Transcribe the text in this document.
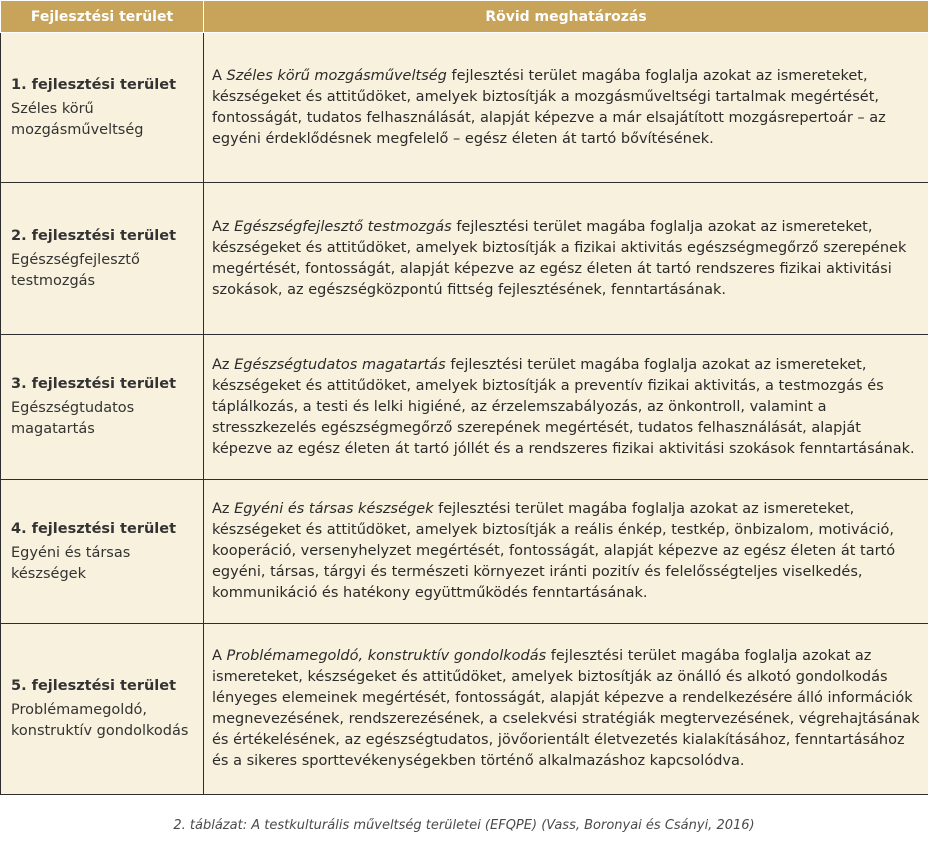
Fejlesztési terület	Rövid meghatározás

1. fejlesztési terület
Széles körű mozgásműveltség	A Széles körű mozgásműveltség fejlesztési terület magába foglalja azokat az ismereteket, készségeket és attitűdöket, amelyek biztosítják a mozgásműveltségi tartalmak megértését, fontosságát, tudatos felhasználását, alapját képezve a már elsajátított mozgásrepertoár – az egyéni érdeklődésnek megfelelő – egész életen át tartó bővítésének.

2. fejlesztési terület
Egészségfejlesztő testmozgás	Az Egészségfejlesztő testmozgás fejlesztési terület magába foglalja azokat az ismereteket, készségeket és attitűdöket, amelyek biztosítják a fizikai aktivitás egészségmegőrző szerepének megértését, fontosságát, alapját képezve az egész életen át tartó rendszeres fizikai aktivitási szokások, az egészségközpontú fittség fejlesztésének, fenntartásának.

3. fejlesztési terület
Egészségtudatos magatartás	Az Egészségtudatos magatartás fejlesztési terület magába foglalja azokat az ismereteket, készségeket és attitűdöket, amelyek biztosítják a preventív fizikai aktivitás, a testmozgás és táplálkozás, a testi és lelki higiéné, az érzelemszabályozás, az önkontroll, valamint a stresszkezelés egészségmegőrző szerepének megértését, tudatos felhasználását, alapját képezve az egész életen át tartó jóllét és a rendszeres fizikai aktivitási szokások fenntartásának.

4. fejlesztési terület
Egyéni és társas készségek	Az Egyéni és társas készségek fejlesztési terület magába foglalja azokat az ismereteket, készségeket és attitűdöket, amelyek biztosítják a reális énkép, testkép, önbizalom, motiváció, kooperáció, versenyhelyzet megértését, fontosságát, alapját képezve az egész életen át tartó egyéni, társas, tárgyi és természeti környezet iránti pozitív és felelősségteljes viselkedés, kommunikáció és hatékony együttműködés fenntartásának.

5. fejlesztési terület
Problémamegoldó, konstruktív gondolkodás	A Problémamegoldó, konstruktív gondolkodás fejlesztési terület magába foglalja azokat az ismereteket, készségeket és attitűdöket, amelyek biztosítják az önálló és alkotó gondolkodás lényeges elemeinek megértését, fontosságát, alapját képezve a rendelkezésére álló információk megnevezésének, rendszerezésének, a cselekvési stratégiák megtervezésének, végrehajtásának és értékelésének, az egészségtudatos, jövőorientált életvezetés kialakításához, fenntartásához és a sikeres sporttevékenységekben történő alkalmazáshoz kapcsolódva.
2. táblázat: A testkulturális műveltség területei (EFQPE) (Vass, Boronyai és Csányi, 2016)
